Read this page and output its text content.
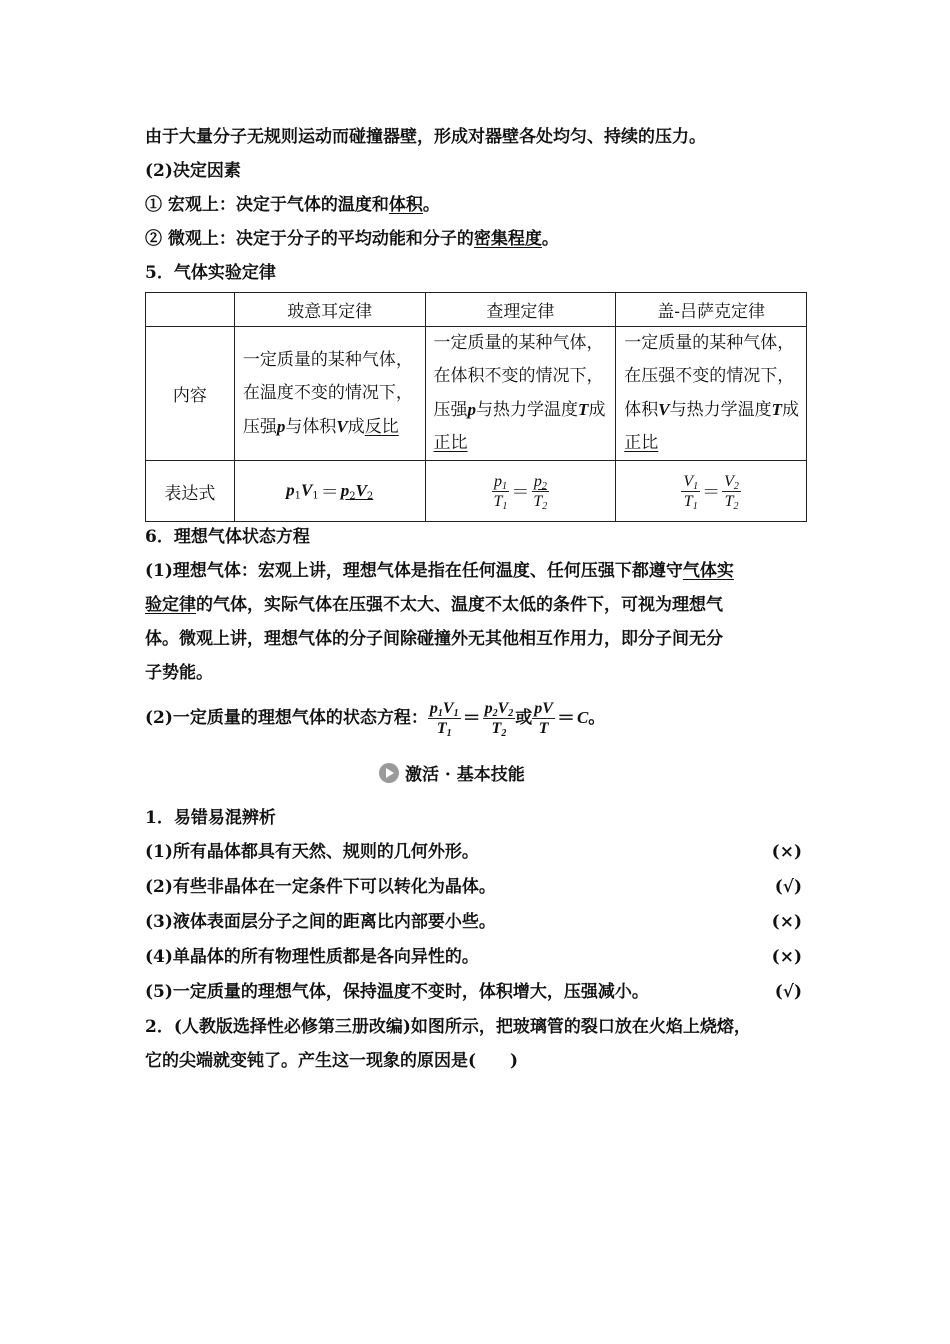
由于大量分子无规则运动而碰撞器壁，形成对器壁各处均匀、持续的压力。
(2)决定因素
① 宏观上：决定于气体的温度和体积。
② 微观上：决定于分子的平均动能和分子的密集程度。
5．气体实验定律
	玻意耳定律	查理定律	盖-吕萨克定律
内容	一定质量的某种气体，在温度不变的情况下，压强p与体积V成反比	一定质量的某种气体，在体积不变的情况下，压强p与热力学温度T成正比	一定质量的某种气体，在压强不变的情况下，体积V与热力学温度T成正比

表达式	$p_1V_1 = p_2V_2$	$\frac{p_1}{T_1} = \frac{p_2}{T_2}$	$\frac{V_1}{T_1} = \frac{V_2}{T_2}$
6．理想气体状态方程
(1)理想气体：宏观上讲，理想气体是指在任何温度、任何压强下都遵守气体实
验定律的气体，实际气体在压强不太大、温度不太低的条件下，可视为理想气
体。微观上讲，理想气体的分子间除碰撞外无其他相互作用力，即分子间无分
子势能。
(2)一定质量的理想气体的状态方程： $\frac{p_1V_1}{T_1} = \frac{p_2V_2}{T_2}$ 或 $\frac{pV}{T} = C$。
激活 · 基本技能
1．易错易混辨析
(1)所有晶体都具有天然、规则的几何外形。	(×)
(2)有些非晶体在一定条件下可以转化为晶体。	(√)
(3)液体表面层分子之间的距离比内部要小些。	(×)
(4)单晶体的所有物理性质都是各向异性的。	(×)
(5)一定质量的理想气体，保持温度不变时，体积增大，压强减小。	(√)
2．(人教版选择性必修第三册改编)如图所示，把玻璃管的裂口放在火焰上烧熔，
它的尖端就变钝了。产生这一现象的原因是(　　)
